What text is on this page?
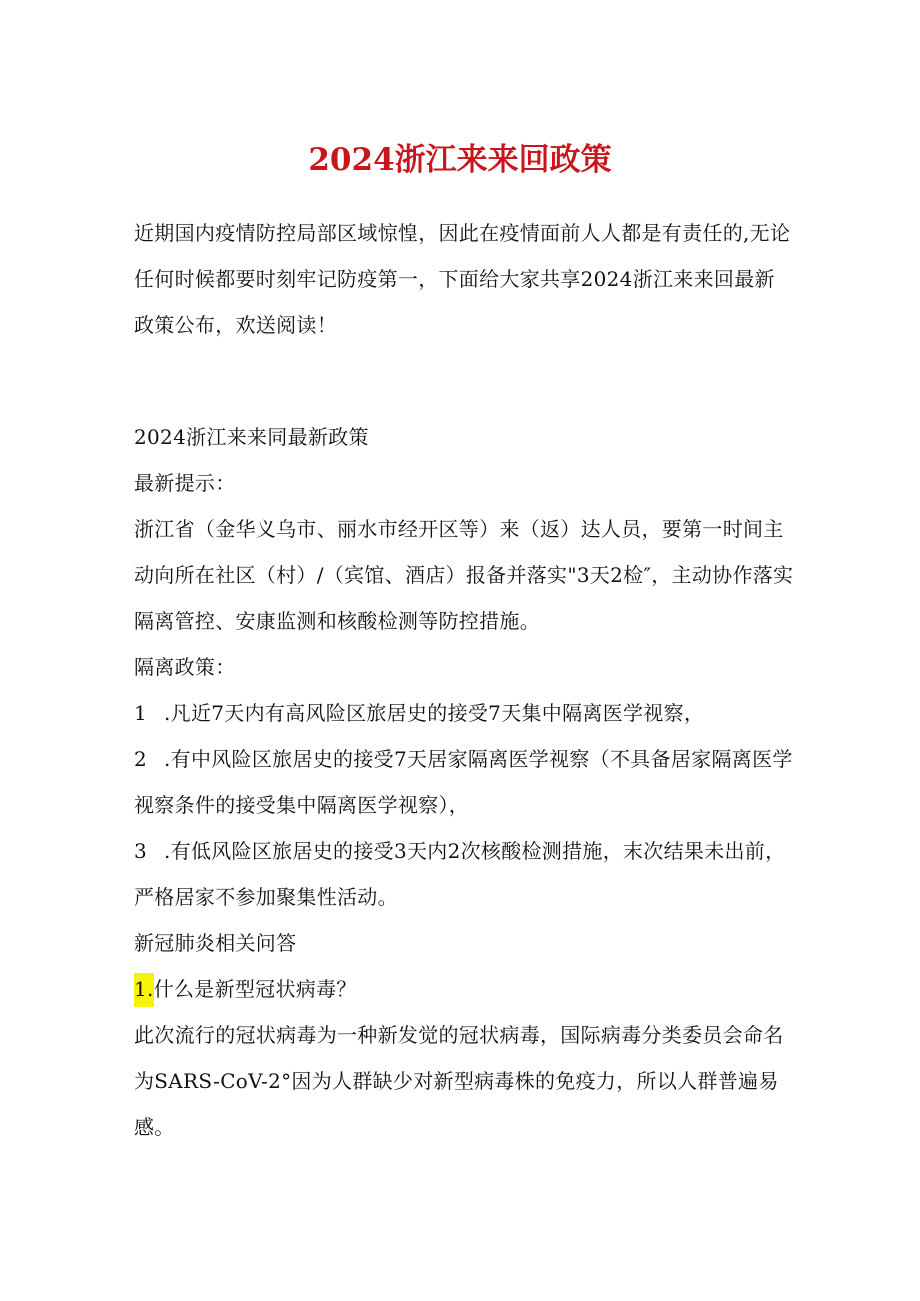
2024浙江来来回政策

近期国内疫情防控局部区域惊惶，因此在疫情面前人人都是有责任的,无论任何时候都要时刻牢记防疫第一，下面给大家共享2024浙江来来回最新政策公布，欢送阅读！

2024浙江来来同最新政策

最新提示：

浙江省（金华义乌市、丽水市经开区等）来（返）达人员，要第一时间主动向所在社区（村）/（宾馆、酒店）报备并落实"3天2检″，主动协作落实隔离管控、安康监测和核酸检测等防控措施。

隔离政策：

1 .凡近7天内有高风险区旅居史的接受7天集中隔离医学视察，

2 .有中风险区旅居史的接受7天居家隔离医学视察（不具备居家隔离医学视察条件的接受集中隔离医学视察），

3 .有低风险区旅居史的接受3天内2次核酸检测措施，末次结果未出前，严格居家不参加聚集性活动。

新冠肺炎相关问答

1.什么是新型冠状病毒？

此次流行的冠状病毒为一种新发觉的冠状病毒，国际病毒分类委员会命名为SARS-CoV-2°因为人群缺少对新型病毒株的免疫力，所以人群普遍易感。
